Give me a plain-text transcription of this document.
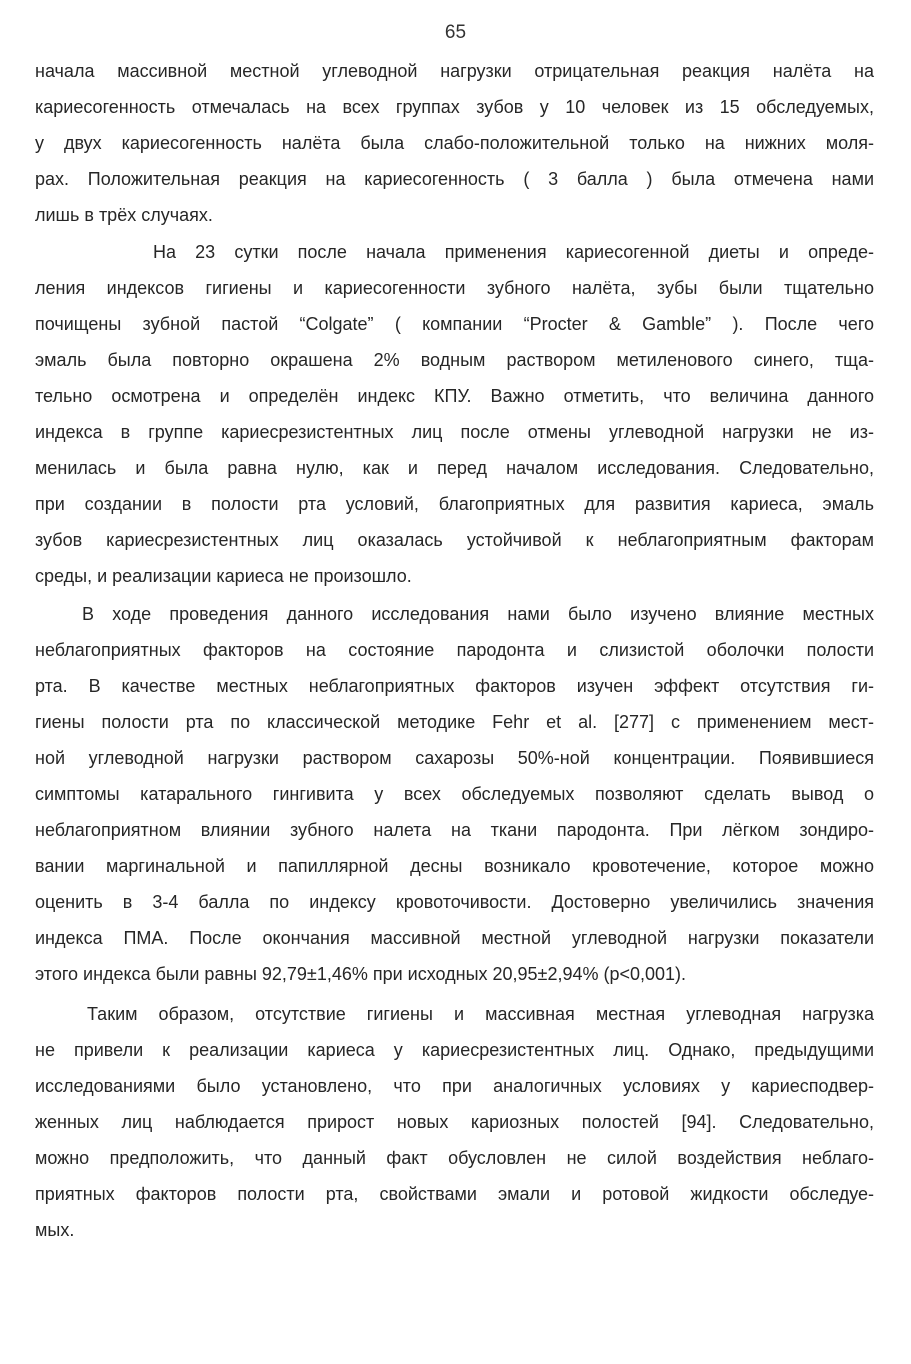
65
начала массивной местной углеводной нагрузки отрицательная реакция налёта на
кариесогенность отмечалась на всех группах зубов у 10 человек из 15 обследуемых,
у двух кариесогенность налёта была слабо-положительной только на нижних моля-
рах. Положительная реакция на кариесогенность ( 3 балла ) была отмечена нами
лишь в трёх случаях.
На 23 сутки после начала применения кариесогенной диеты и опреде-
ления индексов гигиены и кариесогенности зубного налёта, зубы были тщательно
почищены зубной пастой “Colgate” ( компании “Procter & Gamble” ). После чего
эмаль была повторно окрашена 2% водным раствором метиленового синего, тща-
тельно осмотрена и определён индекс КПУ. Важно отметить, что величина данного
индекса в группе кариесрезистентных лиц после отмены углеводной нагрузки не из-
менилась и была равна нулю, как и перед началом исследования. Следовательно,
при создании в полости рта условий, благоприятных для развития кариеса, эмаль
зубов кариесрезистентных лиц оказалась устойчивой к неблагоприятным факторам
среды, и реализации кариеса не произошло.
В ходе проведения данного исследования нами было изучено влияние местных
неблагоприятных факторов на состояние пародонта и слизистой оболочки полости
рта. В качестве местных неблагоприятных факторов изучен эффект отсутствия ги-
гиены полости рта по классической методике Fehr et al. [277] с применением мест-
ной углеводной нагрузки раствором сахарозы 50%-ной концентрации. Появившиеся
симптомы катарального гингивита у всех обследуемых позволяют сделать вывод о
неблагоприятном влиянии зубного налета на ткани пародонта. При лёгком зондиро-
вании маргинальной и папиллярной десны возникало кровотечение, которое можно
оценить в 3-4 балла по индексу кровоточивости. Достоверно увеличились значения
индекса ПМА. После окончания массивной местной углеводной нагрузки показатели
этого индекса были равны 92,79±1,46% при исходных 20,95±2,94% (p<0,001).
Таким образом, отсутствие гигиены и массивная местная углеводная нагрузка
не привели к реализации кариеса у кариесрезистентных лиц. Однако, предыдущими
исследованиями было установлено, что при аналогичных условиях у кариесподвер-
женных лиц наблюдается прирост новых кариозных полостей [94]. Следовательно,
можно предположить, что данный факт обусловлен не силой воздействия неблаго-
приятных факторов полости рта, свойствами эмали и ротовой жидкости обследуе-
мых.
